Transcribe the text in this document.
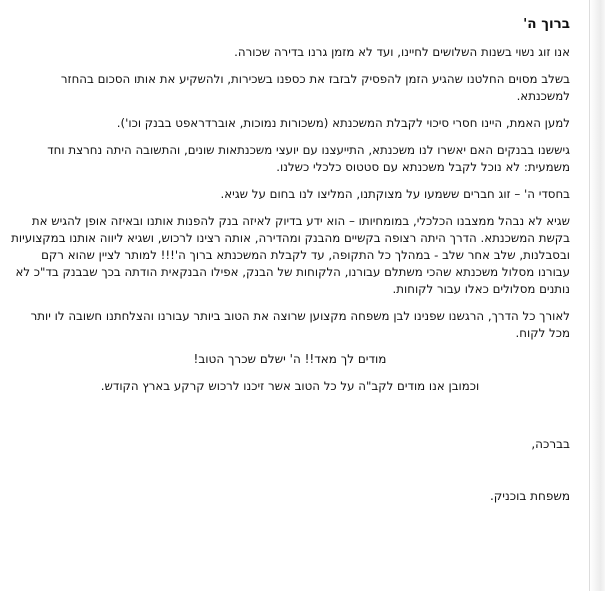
ברוך ה'

אנו זוג נשוי בשנות השלושים לחיינו, ועד לא מזמן גרנו בדירה שכורה.

בשלב מסוים החלטנו שהגיע הזמן להפסיק לבזבז את כספנו בשכירות, ולהשקיע את אותו הסכום בהחזר למשכנתא.

למען האמת, היינו חסרי סיכוי לקבלת המשכנתא (משכורות נמוכות, אוברדראפט בבנק וכו').

גיששנו בבנקים האם יאשרו לנו משכנתא, התייעצנו עם יועצי משכנתאות שונים, והתשובה היתה נחרצת וחד משמעית: לא נוכל לקבל משכנתא עם סטטוס כלכלי כשלנו.

בחסדי ה' – זוג חברים ששמעו על מצוקתנו, המליצו לנו בחום על שגיא.

שגיא לא נבהל ממצבנו הכלכלי, במומחיותו – הוא ידע בדיוק לאיזה בנק להפנות אותנו ובאיזה אופן להגיש את בקשת המשכנתא. הדרך היתה רצופה בקשיים מהבנק ומהדירה, אותה רצינו לרכוש, ושגיא ליווה אותנו במקצועיות ובסבלנות, שלב אחר שלב - במהלך כל התקופה, עד לקבלת המשכנתא ברוך ה'!!! למותר לציין שהוא רקם עבורנו מסלול משכנתא שהכי משתלם עבורנו, הלקוחות של הבנק, אפילו הבנקאית הודתה בכך שבבנק בד"כ לא נותנים מסלולים כאלו עבור לקוחות.

לאורך כל הדרך, הרגשנו שפנינו לבן משפחה מקצוען שרוצה את הטוב ביותר עבורנו והצלחתנו חשובה לו יותר מכל לקוח.

מודים לך מאד!! ה' ישלם שכרך הטוב!
וכמובן אנו מודים לקב"ה על כל הטוב אשר זיכנו לרכוש קרקע בארץ הקודש.
בברכה,
משפחת בוכניק.
